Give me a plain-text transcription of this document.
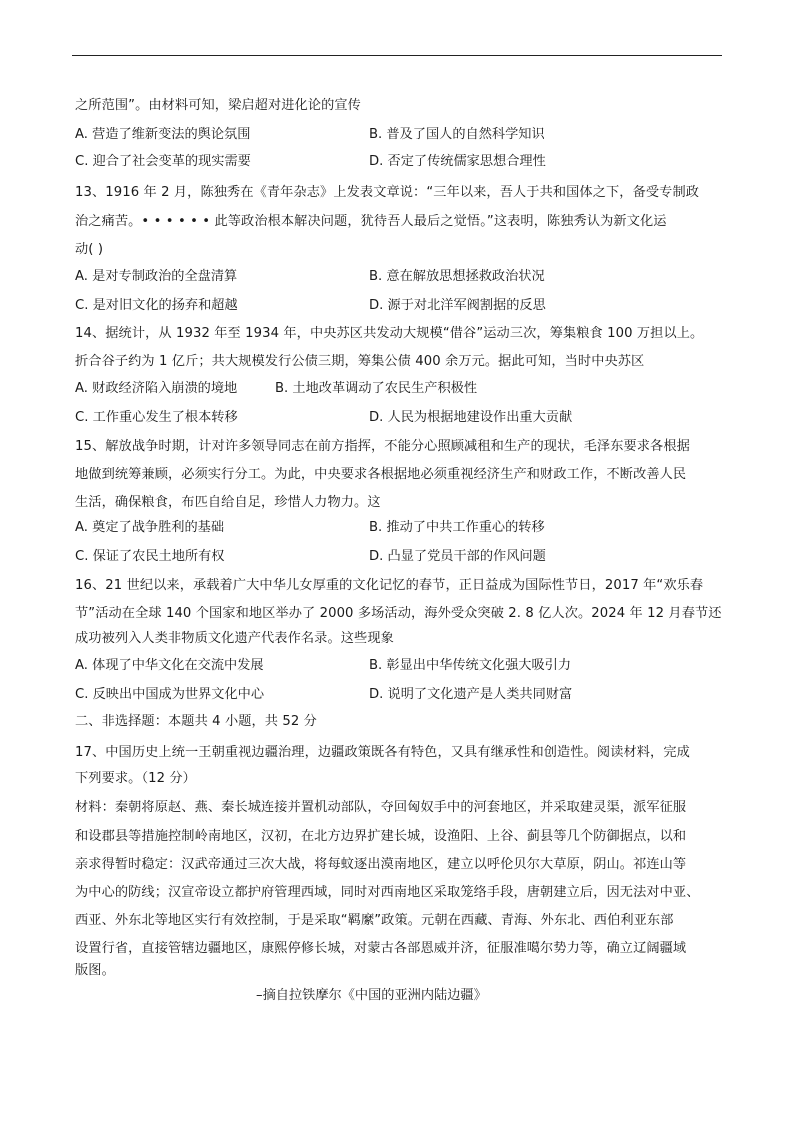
之所范围”。由材料可知，梁启超对进化论的宣传
A. 营造了维新变法的舆论氛围	B. 普及了国人的自然科学知识
C. 迎合了社会变革的现实需要	D. 否定了传统儒家思想合理性
13、1916 年 2 月，陈独秀在《青年杂志》上发表文章说：“三年以来，吾人于共和国体之下，备受专制政
治之痛苦。• • • • • • 此等政治根本解决问题，犹待吾人最后之觉悟。”这表明，陈独秀认为新文化运
动( )
A. 是对专制政治的全盘清算	B. 意在解放思想拯救政治状况
C. 是对旧文化的扬弃和超越	D. 源于对北洋军阀割据的反思
14、据统计，从 1932 年至 1934 年，中央苏区共发动大规模“借谷”运动三次，筹集粮食 100 万担以上。
折合谷子约为 1 亿斤；共大规模发行公债三期，筹集公债 400 余万元。据此可知，当时中央苏区
A. 财政经济陷入崩溃的境地	B. 土地改革调动了农民生产积极性
C. 工作重心发生了根本转移	D. 人民为根据地建设作出重大贡献
15、解放战争时期，计对许多领导同志在前方指挥，不能分心照顾减租和生产的现状，毛泽东要求各根据
地做到统筹兼顾，必须实行分工。为此，中央要求各根据地必须重视经济生产和财政工作，不断改善人民
生活，确保粮食，布匹自给自足，珍惜人力物力。这
A. 奠定了战争胜利的基础	B. 推动了中共工作重心的转移
C. 保证了农民土地所有权	D. 凸显了党员干部的作风问题
16、21 世纪以来，承载着广大中华儿女厚重的文化记忆的春节，正日益成为国际性节日，2017 年“欢乐春
节”活动在全球 140 个国家和地区举办了 2000 多场活动，海外受众突破 2. 8 亿人次。2024 年 12 月春节还
成功被列入人类非物质文化遗产代表作名录。这些现象
A. 体现了中华文化在交流中发展	B. 彰显出中华传统文化强大吸引力
C. 反映出中国成为世界文化中心	D. 说明了文化遗产是人类共同财富
二、非选择题：本题共 4 小题，共 52 分
17、中国历史上统一王朝重视边疆治理，边疆政策既各有特色，又具有继承性和创造性。阅读材料，完成
下列要求。（12 分）
材料：秦朝将原赵、燕、秦长城连接并置机动部队，夺回匈奴手中的河套地区，并采取建灵渠，派军征服
和设郡县等措施控制岭南地区，汉初，在北方边界扩建长城，设渔阳、上谷、蓟县等几个防御据点，以和
亲求得暂时稳定：汉武帝通过三次大战，将每蚊逐出漠南地区，建立以呼伦贝尔大草原，阴山。祁连山等
为中心的防线；汉宣帝设立都护府管理西域，同时对西南地区采取笼络手段，唐朝建立后，因无法对中亚、
西亚、外东北等地区实行有效控制，于是采取“羁縻”政策。元朝在西藏、青海、外东北、西伯利亚东部
设置行省，直接管辖边疆地区，康熙停修长城，对蒙古各部恩威并济，征服准噶尔势力等，确立辽阔疆域
版图。
–摘自拉铁摩尔《中国的亚洲内陆边疆》
